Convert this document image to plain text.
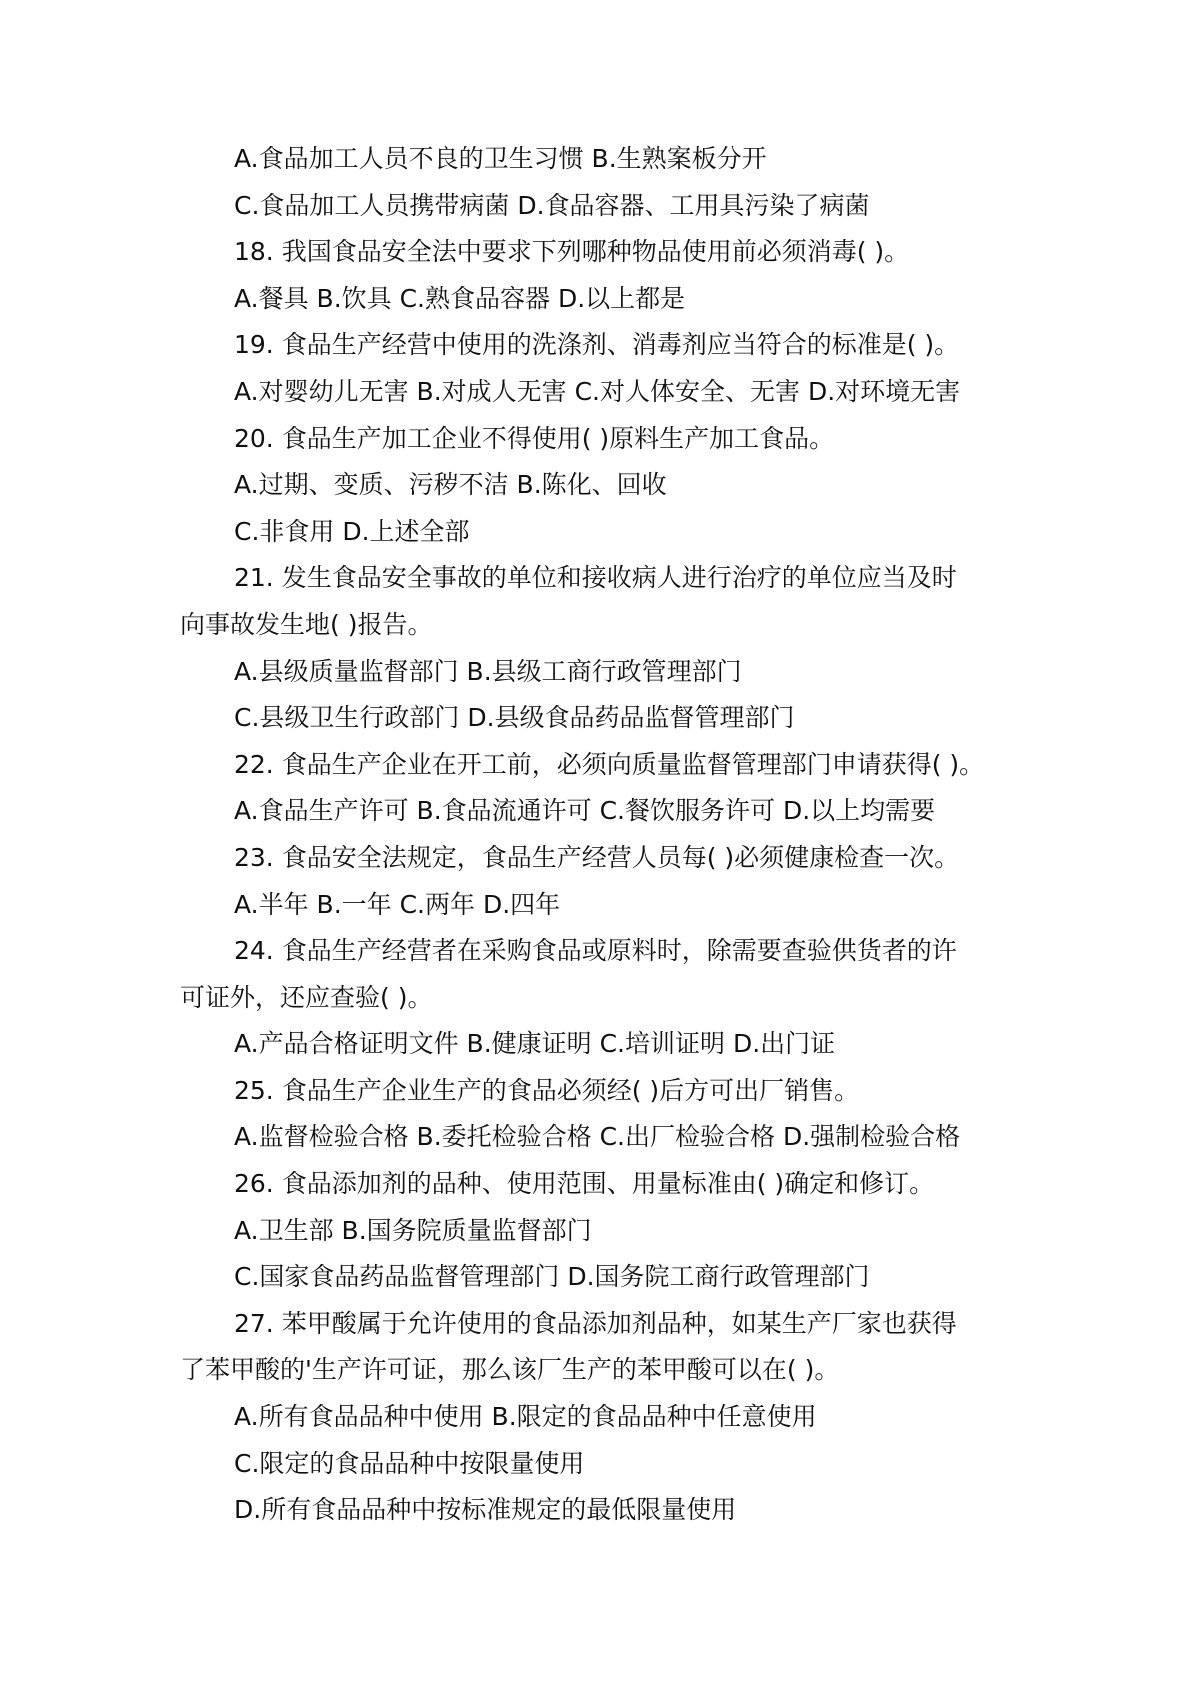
A.食品加工人员不良的卫生习惯 B.生熟案板分开

C.食品加工人员携带病菌 D.食品容器、工用具污染了病菌

18. 我国食品安全法中要求下列哪种物品使用前必须消毒( )。

A.餐具 B.饮具 C.熟食品容器 D.以上都是

19. 食品生产经营中使用的洗涤剂、消毒剂应当符合的标准是( )。

A.对婴幼儿无害 B.对成人无害 C.对人体安全、无害 D.对环境无害

20. 食品生产加工企业不得使用( )原料生产加工食品。

A.过期、变质、污秽不洁 B.陈化、回收

C.非食用 D.上述全部

21. 发生食品安全事故的单位和接收病人进行治疗的单位应当及时

向事故发生地( )报告。

A.县级质量监督部门 B.县级工商行政管理部门

C.县级卫生行政部门 D.县级食品药品监督管理部门

22. 食品生产企业在开工前，必须向质量监督管理部门申请获得( )。

A.食品生产许可 B.食品流通许可 C.餐饮服务许可 D.以上均需要

23. 食品安全法规定，食品生产经营人员每( )必须健康检查一次。

A.半年 B.一年 C.两年 D.四年

24. 食品生产经营者在采购食品或原料时，除需要查验供货者的许

可证外，还应查验( )。

A.产品合格证明文件 B.健康证明 C.培训证明 D.出门证

25. 食品生产企业生产的食品必须经( )后方可出厂销售。

A.监督检验合格 B.委托检验合格 C.出厂检验合格 D.强制检验合格

26. 食品添加剂的品种、使用范围、用量标准由( )确定和修订。

A.卫生部 B.国务院质量监督部门

C.国家食品药品监督管理部门 D.国务院工商行政管理部门

27. 苯甲酸属于允许使用的食品添加剂品种，如某生产厂家也获得

了苯甲酸的'生产许可证，那么该厂生产的苯甲酸可以在( )。

A.所有食品品种中使用 B.限定的食品品种中任意使用

C.限定的食品品种中按限量使用

D.所有食品品种中按标准规定的最低限量使用
